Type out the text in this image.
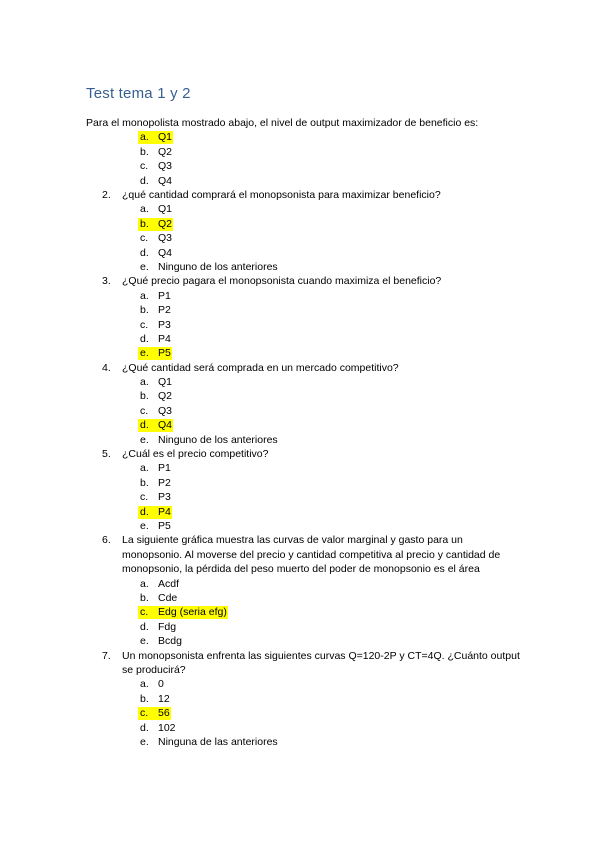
Test tema 1 y 2
Para el monopolista mostrado abajo, el nivel de output maximizador de beneficio es:
a. Q1
b. Q2
c. Q3
d. Q4
2. ¿qué cantidad comprará el monopsonista para maximizar beneficio?
a. Q1
b. Q2
c. Q3
d. Q4
e. Ninguno de los anteriores
3. ¿Qué precio pagara el monopsonista cuando maximiza el beneficio?
a. P1
b. P2
c. P3
d. P4
e. P5
4. ¿Qué cantidad será comprada en un mercado competitivo?
a. Q1
b. Q2
c. Q3
d. Q4
e. Ninguno de los anteriores
5. ¿Cuál es el precio competitivo?
a. P1
b. P2
c. P3
d. P4
e. P5
6. La siguiente gráfica muestra las curvas de valor marginal y gasto para un monopsonio. Al moverse del precio y cantidad competitiva al precio y cantidad de monopsonio, la pérdida del peso muerto del poder de monopsonio es el área
a. Acdf
b. Cde
c. Edg (seria efg)
d. Fdg
e. Bcdg
7. Un monopsonista enfrenta las siguientes curvas Q=120-2P y CT=4Q. ¿Cuánto output se producirá?
a. 0
b. 12
c. 56
d. 102
e. Ninguna de las anteriores
